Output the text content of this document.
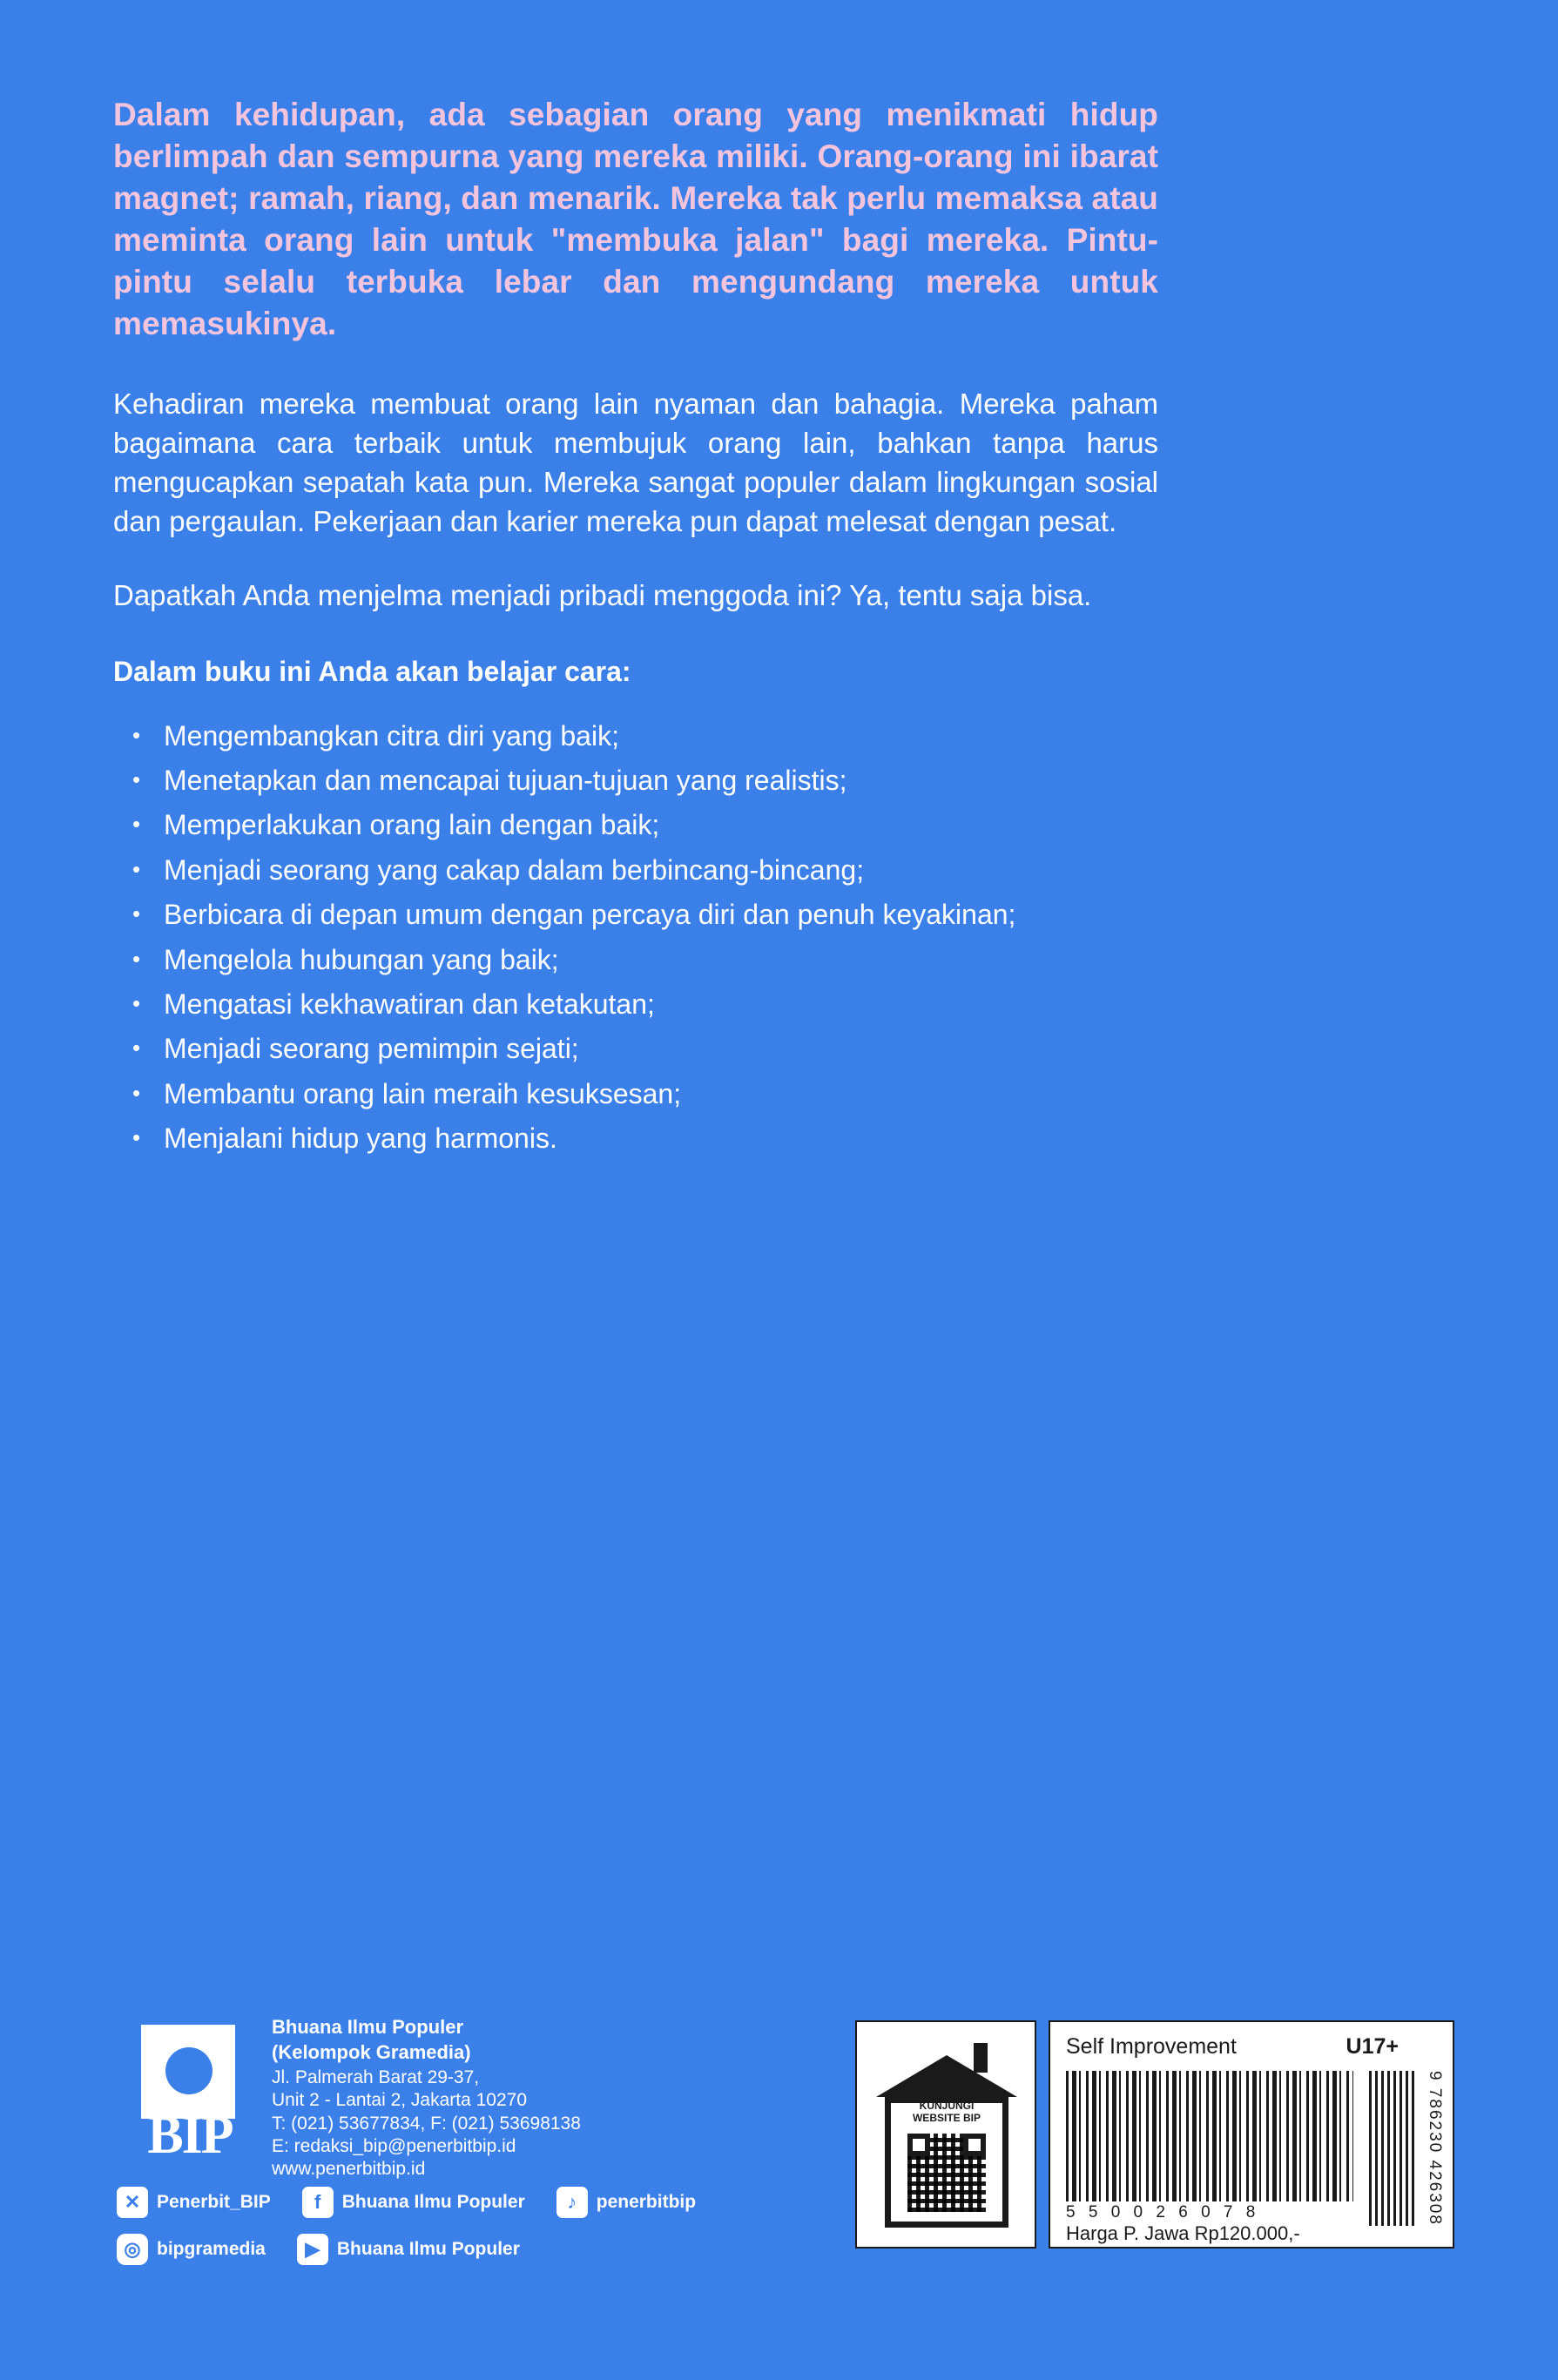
Dalam kehidupan, ada sebagian orang yang menikmati hidup berlimpah dan sempurna yang mereka miliki. Orang-orang ini ibarat magnet; ramah, riang, dan menarik. Mereka tak perlu memaksa atau meminta orang lain untuk "membuka jalan" bagi mereka. Pintu-pintu selalu terbuka lebar dan mengundang mereka untuk memasukinya.

Kehadiran mereka membuat orang lain nyaman dan bahagia. Mereka paham bagaimana cara terbaik untuk membujuk orang lain, bahkan tanpa harus mengucapkan sepatah kata pun. Mereka sangat populer dalam lingkungan sosial dan pergaulan. Pekerjaan dan karier mereka pun dapat melesat dengan pesat.

Dapatkah Anda menjelma menjadi pribadi menggoda ini? Ya, tentu saja bisa.

Dalam buku ini Anda akan belajar cara:

• Mengembangkan citra diri yang baik;
• Menetapkan dan mencapai tujuan-tujuan yang realistis;
• Memperlakukan orang lain dengan baik;
• Menjadi seorang yang cakap dalam berbincang-bincang;
• Berbicara di depan umum dengan percaya diri dan penuh keyakinan;
• Mengelola hubungan yang baik;
• Mengatasi kekhawatiran dan ketakutan;
• Menjadi seorang pemimpin sejati;
• Membantu orang lain meraih kesuksesan;
• Menjalani hidup yang harmonis.
BIP
Bhuana Ilmu Populer
(Kelompok Gramedia)
Jl. Palmerah Barat 29-37,
Unit 2 - Lantai 2, Jakarta 10270
T: (021) 53677834, F: (021) 53698138
E: redaksi_bip@penerbitbip.id
www.penerbitbip.id
✕ Penerbit_BIP	f	Bhuana Ilmu Populer	♪	penerbitbip
◎ bipgramedia	▶ Bhuana Ilmu Populer
KUNJUNGI
WEBSITE BIP
Self Improvement	U17+
5 5 0 0 2 6 0 7 8
Harga P. Jawa Rp120.000,-
9 786230 426308
